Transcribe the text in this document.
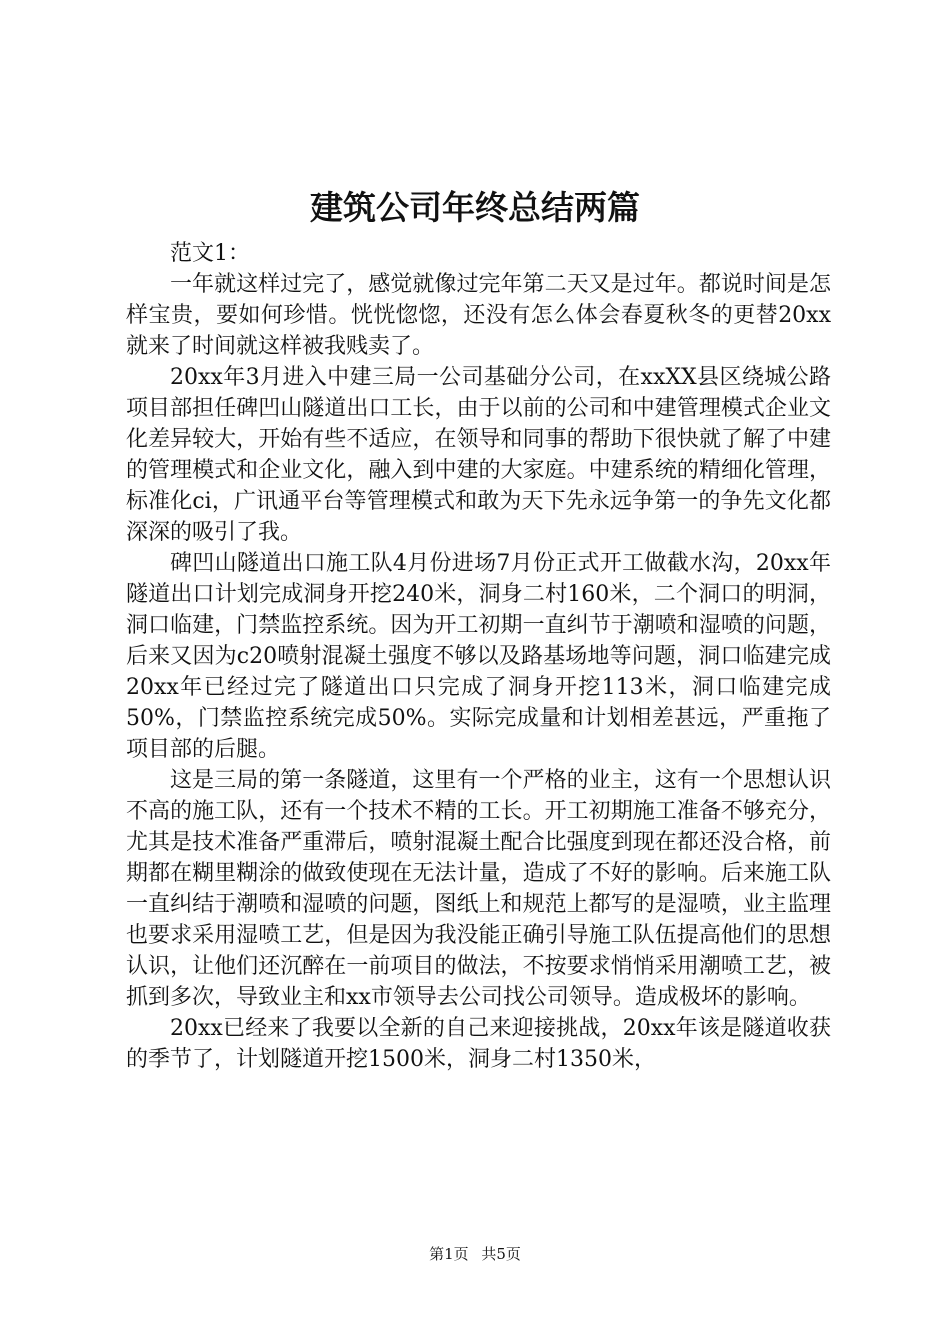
建筑公司年终总结两篇

范文1：

一年就这样过完了，感觉就像过完年第二天又是过年。都说时间是怎样宝贵，要如何珍惜。恍恍惚惚，还没有怎么体会春夏秋冬的更替20xx就来了时间就这样被我贱卖了。

20xx年3月进入中建三局一公司基础分公司，在xxXX县区绕城公路项目部担任碑凹山隧道出口工长，由于以前的公司和中建管理模式企业文化差异较大，开始有些不适应，在领导和同事的帮助下很快就了解了中建的管理模式和企业文化，融入到中建的大家庭。中建系统的精细化管理，标准化ci，广讯通平台等管理模式和敢为天下先永远争第一的争先文化都深深的吸引了我。

碑凹山隧道出口施工队4月份进场7月份正式开工做截水沟，20xx年隧道出口计划完成洞身开挖240米，洞身二村160米，二个洞口的明洞，洞口临建，门禁监控系统。因为开工初期一直纠节于潮喷和湿喷的问题，后来又因为c20喷射混凝土强度不够以及路基场地等问题，洞口临建完成20xx年已经过完了隧道出口只完成了洞身开挖113米，洞口临建完成50%，门禁监控系统完成50%。实际完成量和计划相差甚远，严重拖了项目部的后腿。

这是三局的第一条隧道，这里有一个严格的业主，这有一个思想认识不高的施工队，还有一个技术不精的工长。开工初期施工准备不够充分，尤其是技术准备严重滞后，喷射混凝土配合比强度到现在都还没合格，前期都在糊里糊涂的做致使现在无法计量，造成了不好的影响。后来施工队一直纠结于潮喷和湿喷的问题，图纸上和规范上都写的是湿喷，业主监理也要求采用湿喷工艺，但是因为我没能正确引导施工队伍提高他们的思想认识，让他们还沉醉在一前项目的做法，不按要求悄悄采用潮喷工艺，被抓到多次，导致业主和xx市领导去公司找公司领导。造成极坏的影响。

20xx已经来了我要以全新的自己来迎接挑战，20xx年该是隧道收获的季节了，计划隧道开挖1500米，洞身二村1350米，

第1页 共5页
